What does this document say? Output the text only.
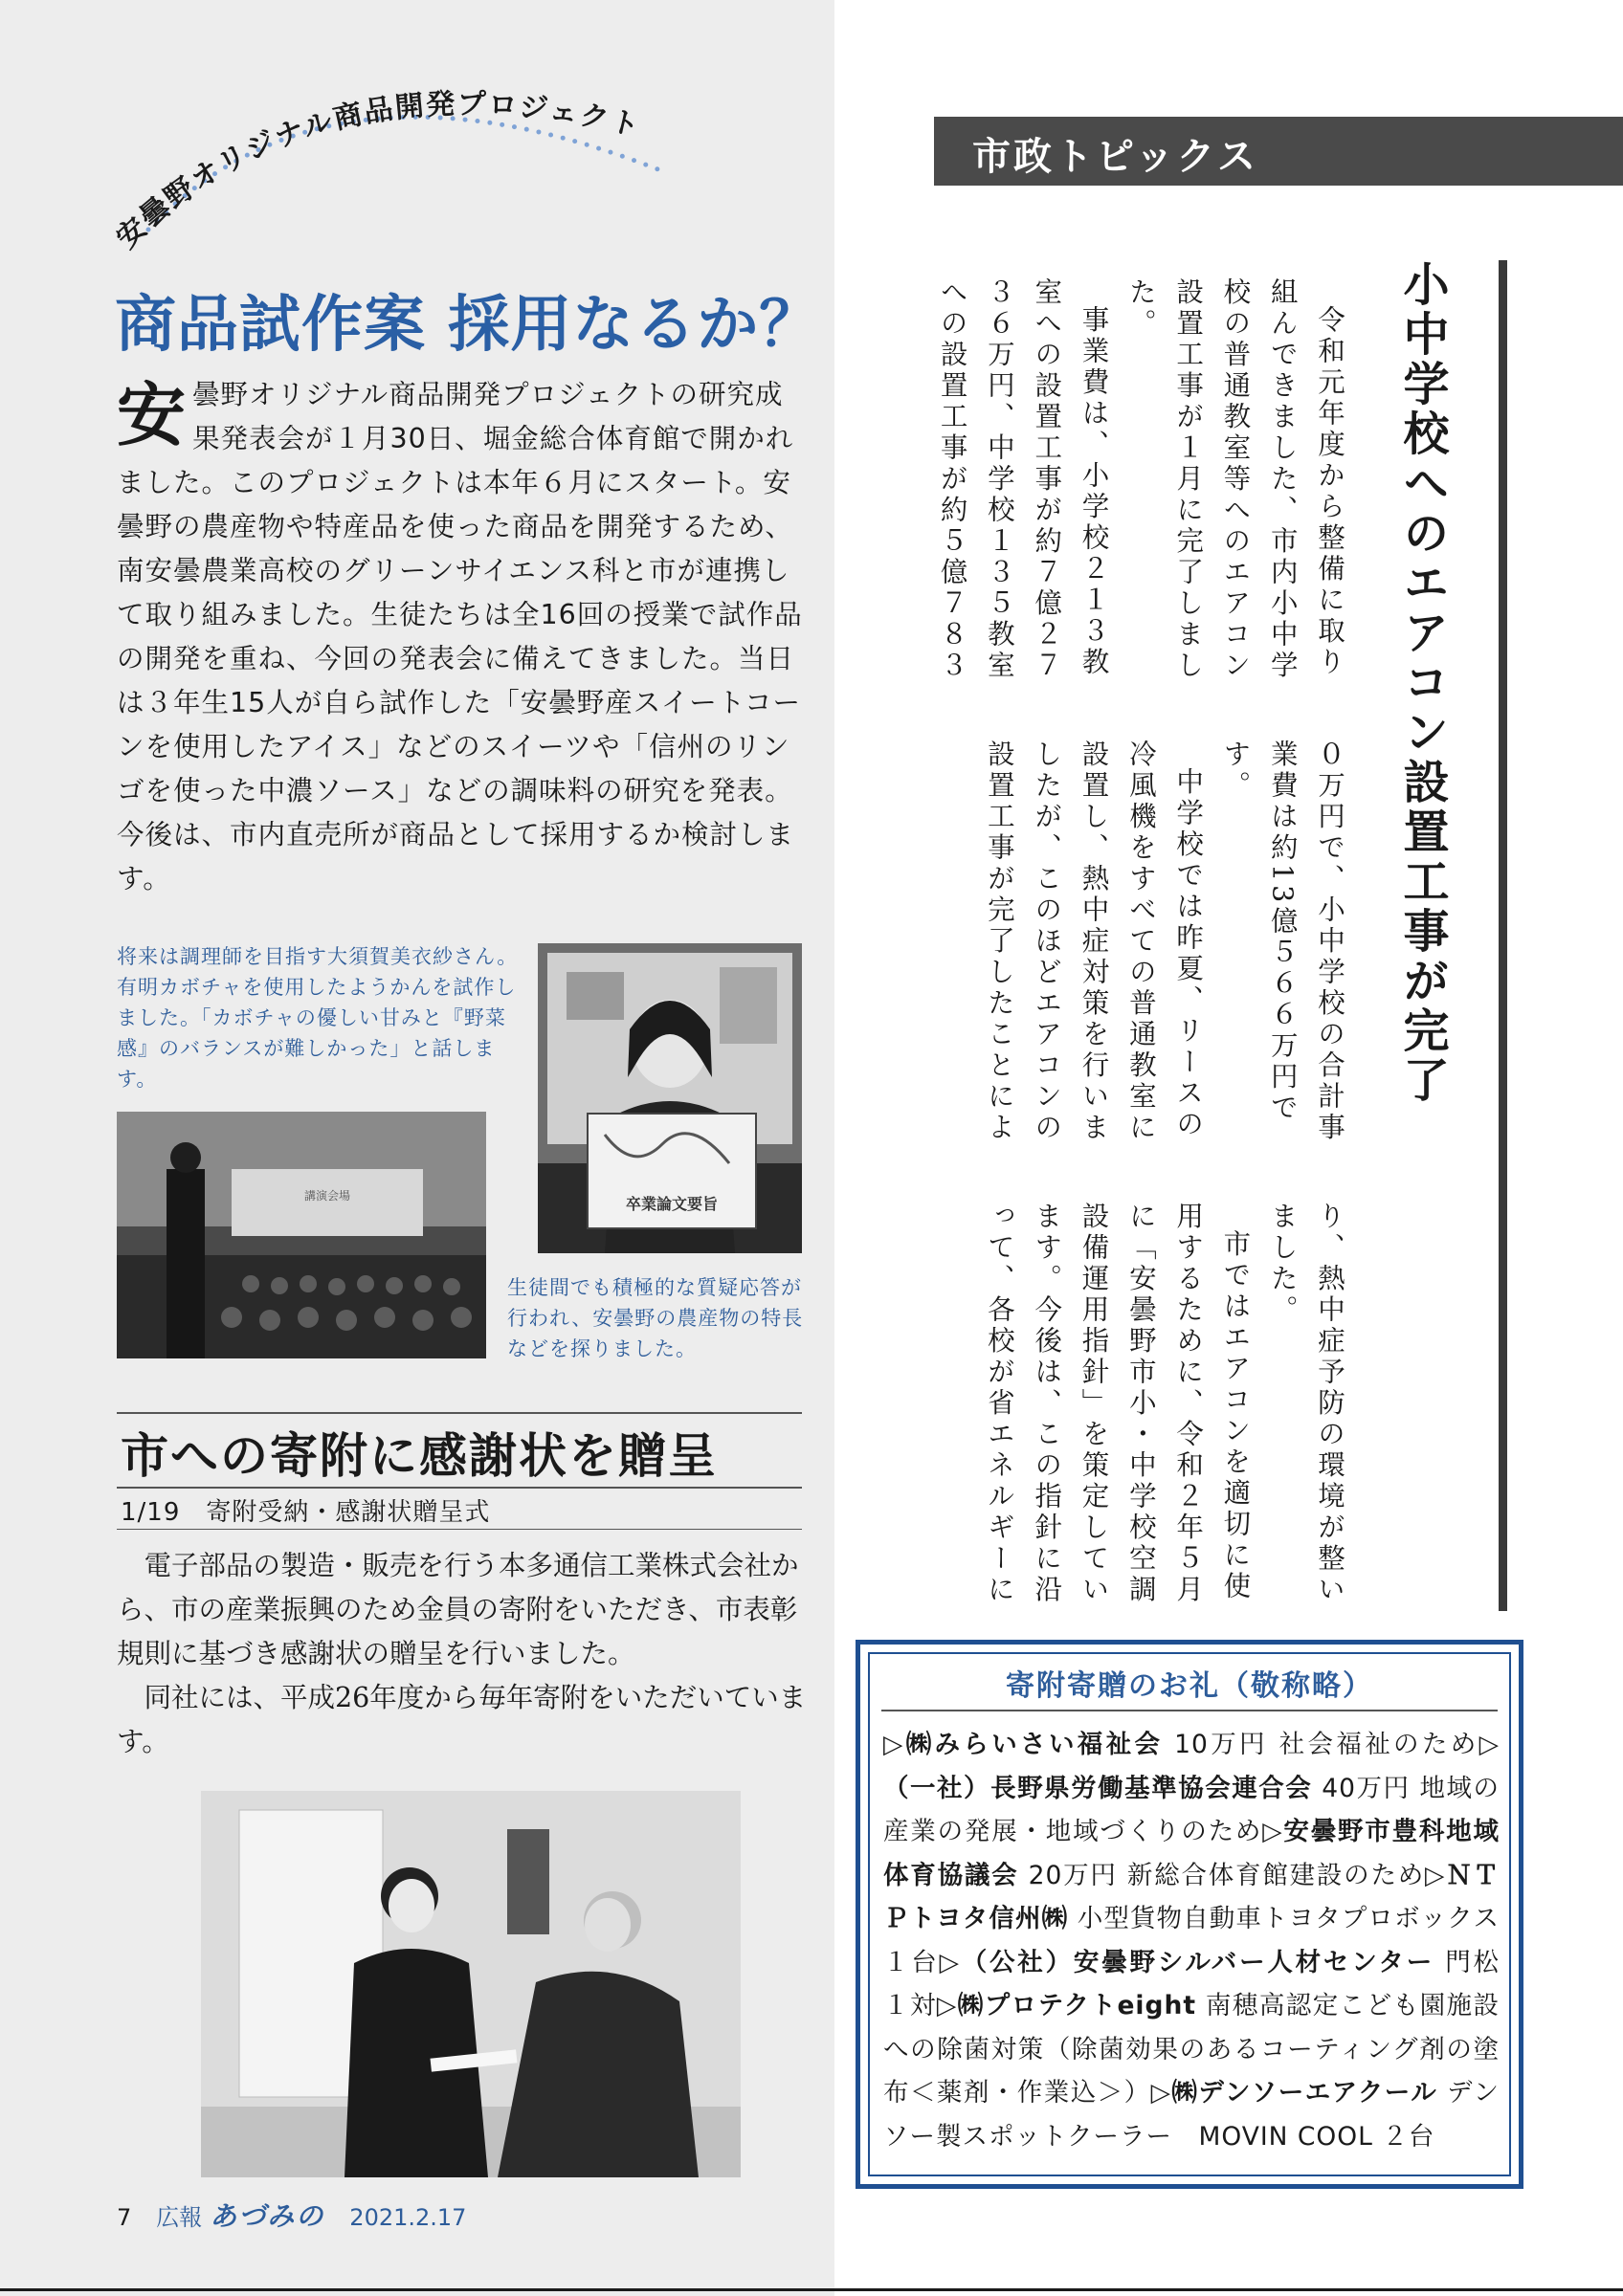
安曇野オリジナル商品開発プロジェクト
商品試作案 採用なるか？

安曇野オリジナル商品開発プロジェクトの研究成果発表会が１月30日、堀金総合体育館で開かれました。このプロジェクトは本年６月にスタート。安曇野の農産物や特産品を使った商品を開発するため、南安曇農業高校のグリーンサイエンス科と市が連携して取り組みました。生徒たちは全16回の授業で試作品の開発を重ね、今回の発表会に備えてきました。当日は３年生15人が自ら試作した「安曇野産スイートコーンを使用したアイス」などのスイーツや「信州のリンゴを使った中濃ソース」などの調味料の研究を発表。今後は、市内直売所が商品として採用するか検討します。

将来は調理師を目指す大須賀美衣紗さん。有明カボチャを使用したようかんを試作しました。「カボチャの優しい甘みと『野菜感』のバランスが難しかった」と話します。

卒業論文要旨
講演会場

生徒間でも積極的な質疑応答が行われ、安曇野の農産物の特長などを探りました。

市への寄附に感謝状を贈呈

1/19　寄附受納・感謝状贈呈式

電子部品の製造・販売を行う本多通信工業株式会社から、市の産業振興のため金員の寄附をいただき、市表彰規則に基づき感謝状の贈呈を行いました。

同社には、平成26年度から毎年寄附をいただいています。

7 広報 あづみの 2021.2.17
市政トピックス
小中学校へのエアコン設置工事が完了

令和元年度から整備に取り組んできました、市内小中学校の普通教室等へのエアコン設置工事が１月に完了しました。

事業費は、小学校２１３教室への設置工事が約７億２７３６万円、中学校１３５教室への設置工事が約５億７８３０万円で、小中学校の合計事業費は約13億５６６万円です。

中学校では昨夏、リースの冷風機をすべての普通教室に設置し、熱中症対策を行いましたが、このほどエアコンの設置工事が完了したことにより、熱中症予防の環境が整いました。

市ではエアコンを適切に使用するために、令和２年５月に「安曇野市小・中学校空調設備運用指針」を策定しています。今後は、この指針に沿って、各校が省エネルギーに

寄附寄贈のお礼（敬称略）

▷㈱みらいさい福祉会 10万円 社会福祉のため▷（一社）長野県労働基準協会連合会 40万円 地域の産業の発展・地域づくりのため▷安曇野市豊科地域体育協議会 20万円 新総合体育館建設のため▷ＮＴＰトヨタ信州㈱ 小型貨物自動車トヨタプロボックス１台▷（公社）安曇野シルバー人材センター 門松　１対▷㈱プロテクトeight 南穂高認定こども園施設への除菌対策（除菌効果のあるコーティング剤の塗布＜薬剤・作業込＞）▷㈱デンソーエアクール デンソー製スポットクーラー　MOVIN COOL ２台
